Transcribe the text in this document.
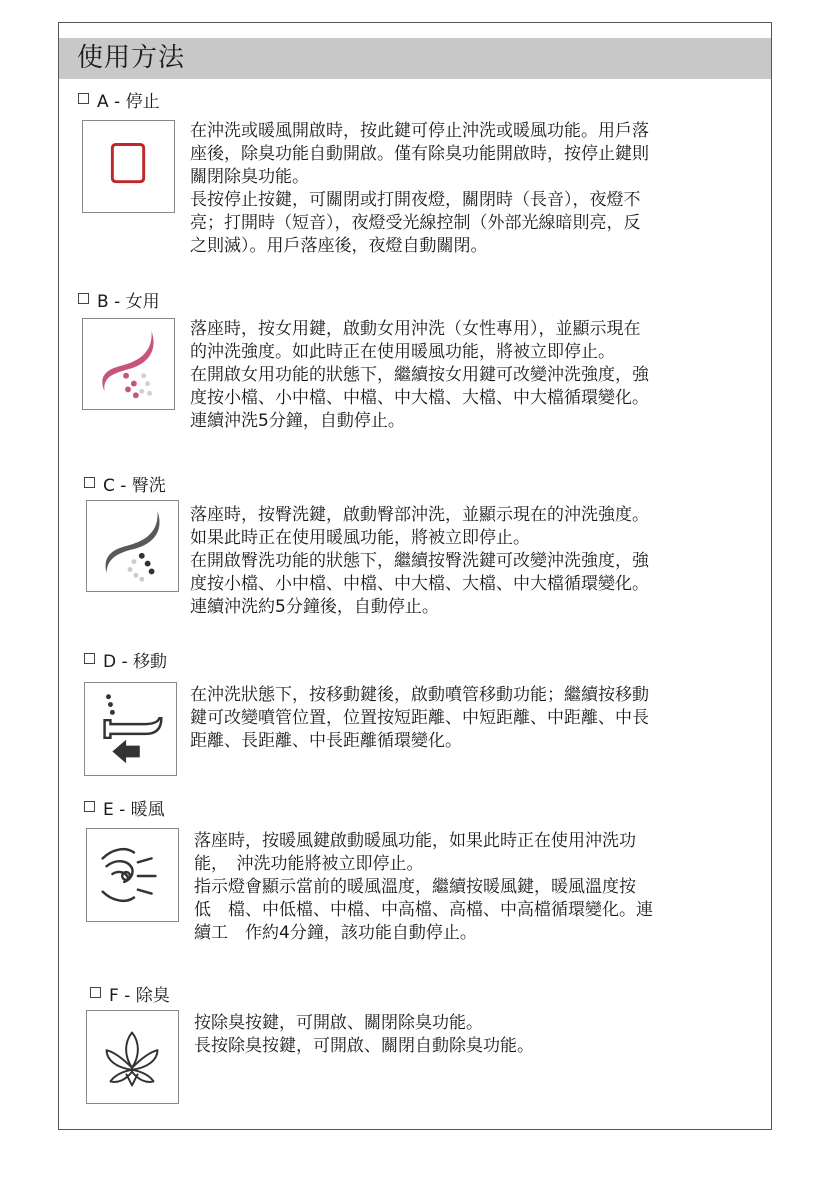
使用方法
A - 停止

在沖洗或暖風開啟時，按此鍵可停止沖洗或暖風功能。用戶落

座後，除臭功能自動開啟。僅有除臭功能開啟時，按停止鍵則

關閉除臭功能。

長按停止按鍵，可關閉或打開夜燈，關閉時（長音），夜燈不

亮；打開時（短音），夜燈受光線控制（外部光線暗則亮，反

之則滅）。用戶落座後，夜燈自動關閉。

B - 女用

落座時，按女用鍵，啟動女用沖洗（女性專用），並顯示現在

的沖洗強度。如此時正在使用暖風功能，將被立即停止。

在開啟女用功能的狀態下，繼續按女用鍵可改變沖洗強度，強

度按小檔、小中檔、中檔、中大檔、大檔、中大檔循環變化。

連續沖洗5分鐘，自動停止。

C - 臀洗

落座時，按臀洗鍵，啟動臀部沖洗，並顯示現在的沖洗強度。

如果此時正在使用暖風功能，將被立即停止。

在開啟臀洗功能的狀態下，繼續按臀洗鍵可改變沖洗強度，強

度按小檔、小中檔、中檔、中大檔、大檔、中大檔循環變化。

連續沖洗約5分鐘後，自動停止。

D - 移動

在沖洗狀態下，按移動鍵後，啟動噴管移動功能；繼續按移動

鍵可改變噴管位置，位置按短距離、中短距離、中距離、中長

距離、長距離、中長距離循環變化。

E - 暖風

落座時，按暖風鍵啟動暖風功能，如果此時正在使用沖洗功

能，　沖洗功能將被立即停止。

指示燈會顯示當前的暖風溫度，繼續按暖風鍵，暖風溫度按

低　檔、中低檔、中檔、中高檔、高檔、中高檔循環變化。連

續工　作約4分鐘，該功能自動停止。

F - 除臭

按除臭按鍵，可開啟、關閉除臭功能。

長按除臭按鍵，可開啟、關閉自動除臭功能。
